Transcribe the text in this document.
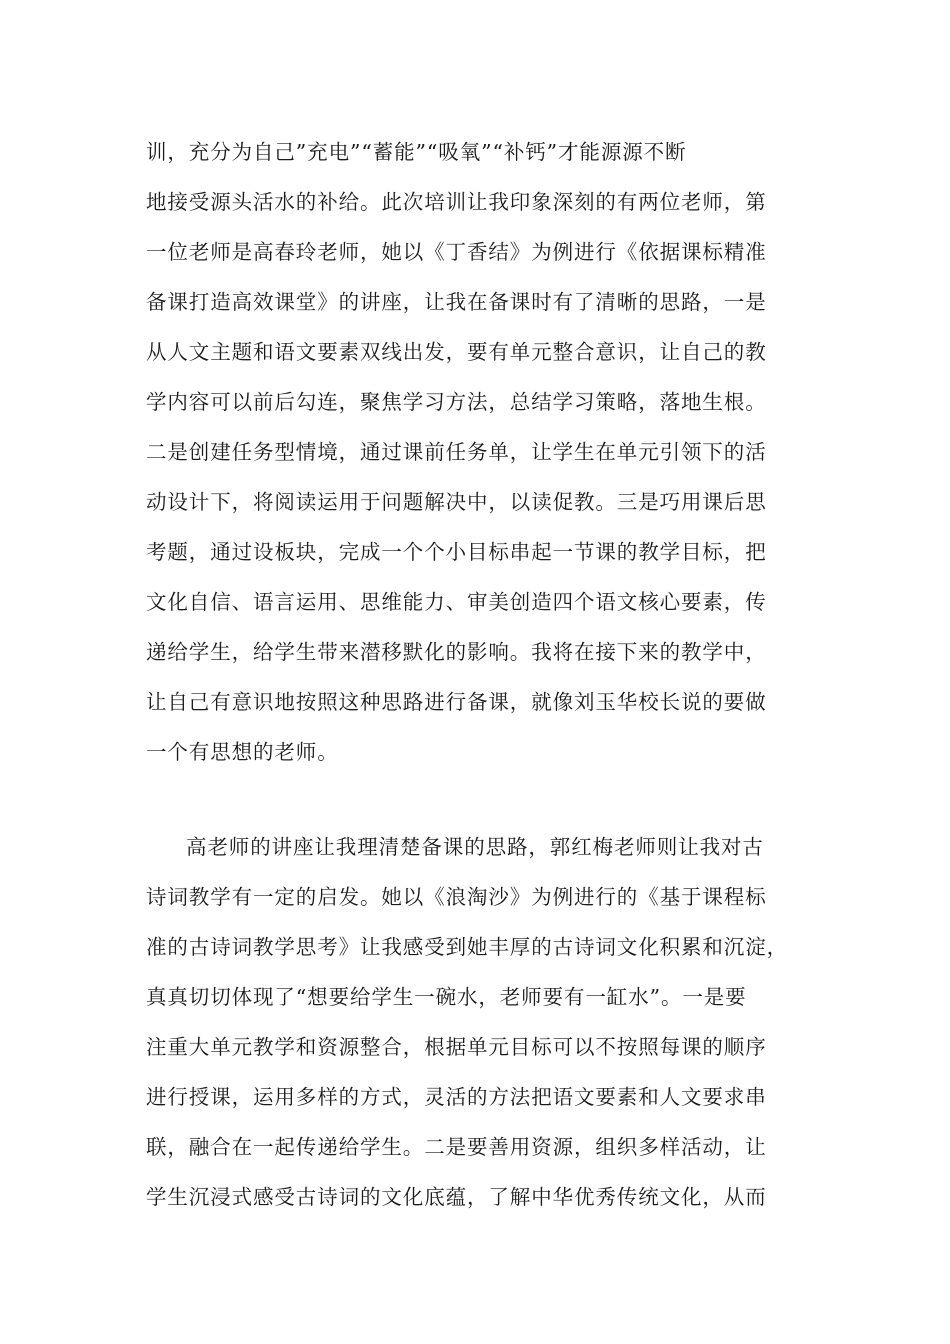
训，充分为自己”充电”“蓄能”“吸氧”“补钙”才能源源不断
地接受源头活水的补给。此次培训让我印象深刻的有两位老师，第
一位老师是高春玲老师，她以《丁香结》为例进行《依据课标精准
备课打造高效课堂》的讲座，让我在备课时有了清晰的思路，一是
从人文主题和语文要素双线出发，要有单元整合意识，让自己的教
学内容可以前后勾连，聚焦学习方法，总结学习策略，落地生根。
二是创建任务型情境，通过课前任务单，让学生在单元引领下的活
动设计下，将阅读运用于问题解决中，以读促教。三是巧用课后思
考题，通过设板块，完成一个个小目标串起一节课的教学目标，把
文化自信、语言运用、思维能力、审美创造四个语文核心要素，传
递给学生，给学生带来潜移默化的影响。我将在接下来的教学中，
让自己有意识地按照这种思路进行备课，就像刘玉华校长说的要做
一个有思想的老师。
高老师的讲座让我理清楚备课的思路，郭红梅老师则让我对古
诗词教学有一定的启发。她以《浪淘沙》为例进行的《基于课程标
准的古诗词教学思考》让我感受到她丰厚的古诗词文化积累和沉淀，
真真切切体现了“想要给学生一碗水，老师要有一缸水”。一是要
注重大单元教学和资源整合，根据单元目标可以不按照每课的顺序
进行授课，运用多样的方式，灵活的方法把语文要素和人文要求串
联，融合在一起传递给学生。二是要善用资源，组织多样活动，让
学生沉浸式感受古诗词的文化底蕴，了解中华优秀传统文化，从而
